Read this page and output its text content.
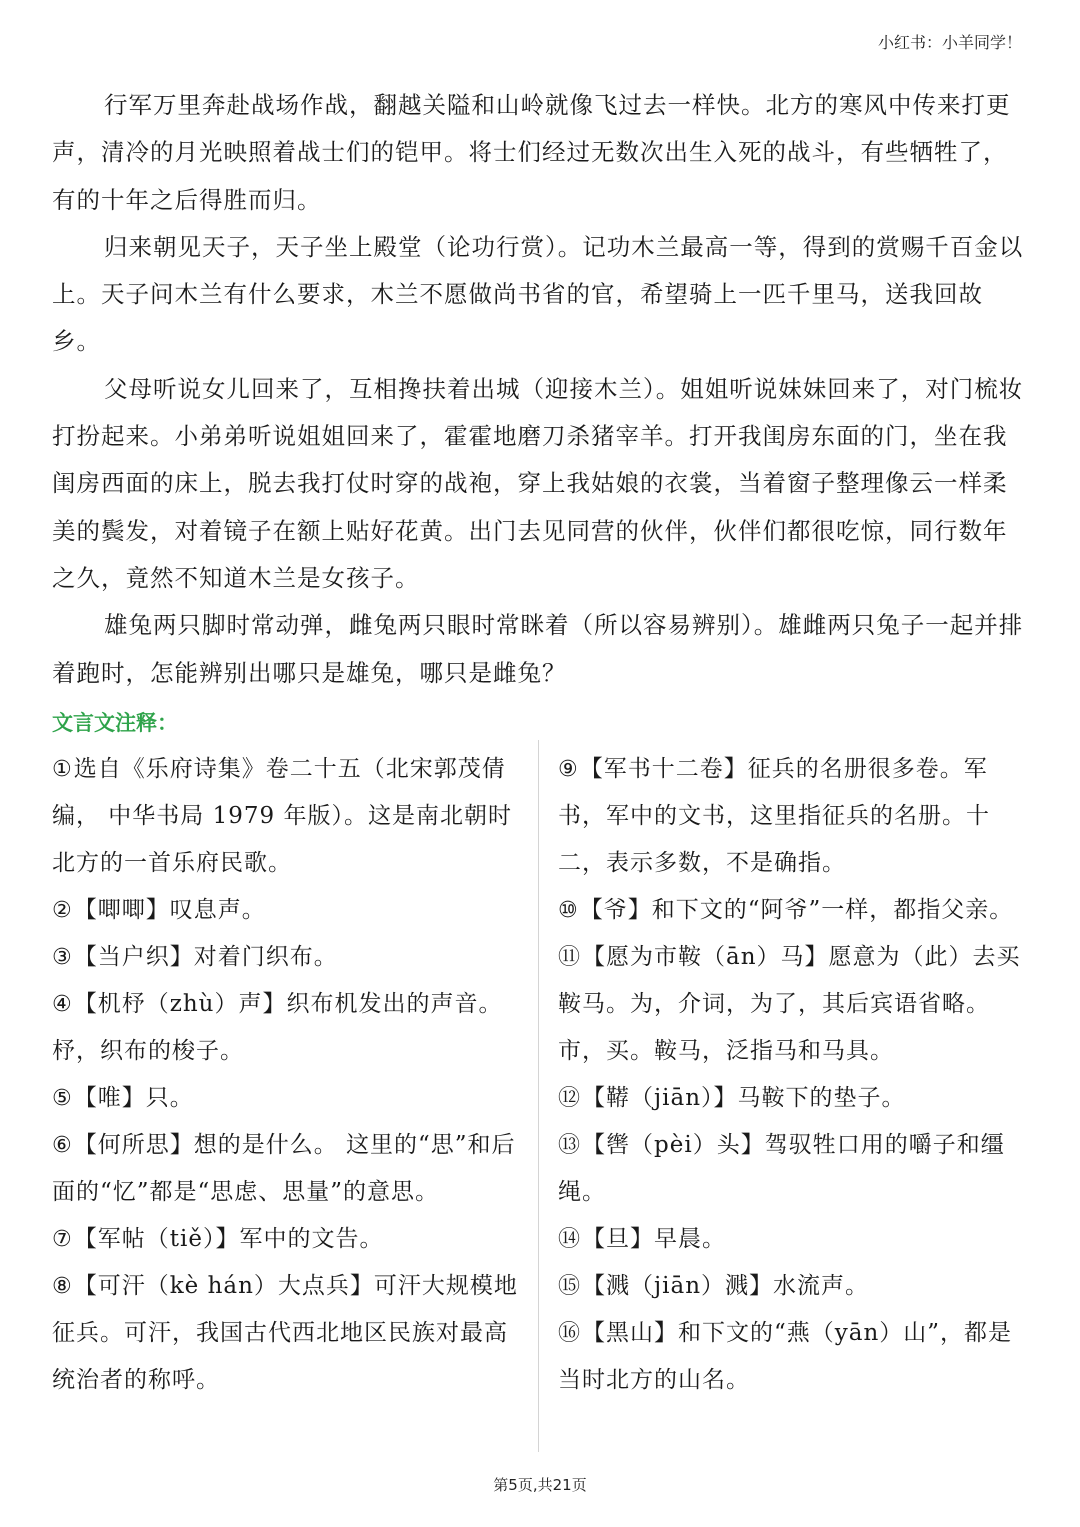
小红书：小羊同学！

行军万里奔赴战场作战，翻越关隘和山岭就像飞过去一样快。北方的寒风中传来打更声，清冷的月光映照着战士们的铠甲。将士们经过无数次出生入死的战斗，有些牺牲了，有的十年之后得胜而归。

归来朝见天子，天子坐上殿堂（论功行赏）。记功木兰最高一等，得到的赏赐千百金以上。天子问木兰有什么要求，木兰不愿做尚书省的官，希望骑上一匹千里马，送我回故乡。

父母听说女儿回来了，互相搀扶着出城（迎接木兰）。姐姐听说妹妹回来了，对门梳妆打扮起来。小弟弟听说姐姐回来了，霍霍地磨刀杀猪宰羊。打开我闺房东面的门，坐在我闺房西面的床上，脱去我打仗时穿的战袍，穿上我姑娘的衣裳，当着窗子整理像云一样柔美的鬓发，对着镜子在额上贴好花黄。出门去见同营的伙伴，伙伴们都很吃惊，同行数年之久，竟然不知道木兰是女孩子。

雄兔两只脚时常动弹，雌兔两只眼时常眯着（所以容易辨别）。雄雌两只兔子一起并排着跑时，怎能辨别出哪只是雄兔，哪只是雌兔？

文言文注释：

①选自《乐府诗集》卷二十五（北宋郭茂倩编， 中华书局 1979 年版）。这是南北朝时北方的一首乐府民歌。

②【唧唧】叹息声。

③【当户织】对着门织布。

④【机杼（zhù）声】织布机发出的声音。杼，织布的梭子。

⑤【唯】只。

⑥【何所思】想的是什么。 这里的“思”和后面的“忆”都是“思虑、思量”的意思。

⑦【军帖（tiě）】军中的文告。

⑧【可汗（kè hán）大点兵】可汗大规模地征兵。可汗，我国古代西北地区民族对最高统治者的称呼。

⑨【军书十二卷】征兵的名册很多卷。军书，军中的文书，这里指征兵的名册。十二，表示多数，不是确指。

⑩【爷】和下文的“阿爷”一样，都指父亲。

⑪【愿为市鞍（ān）马】愿意为（此）去买鞍马。为，介词，为了，其后宾语省略。市，买。鞍马，泛指马和马具。

⑫【鞯（jiān）】马鞍下的垫子。

⑬【辔（pèi）头】驾驭牲口用的嚼子和缰绳。

⑭【旦】早晨。

⑮【溅（jiān）溅】水流声。

⑯【黑山】和下文的“燕（yān）山”，都是当时北方的山名。

第5页,共21页
